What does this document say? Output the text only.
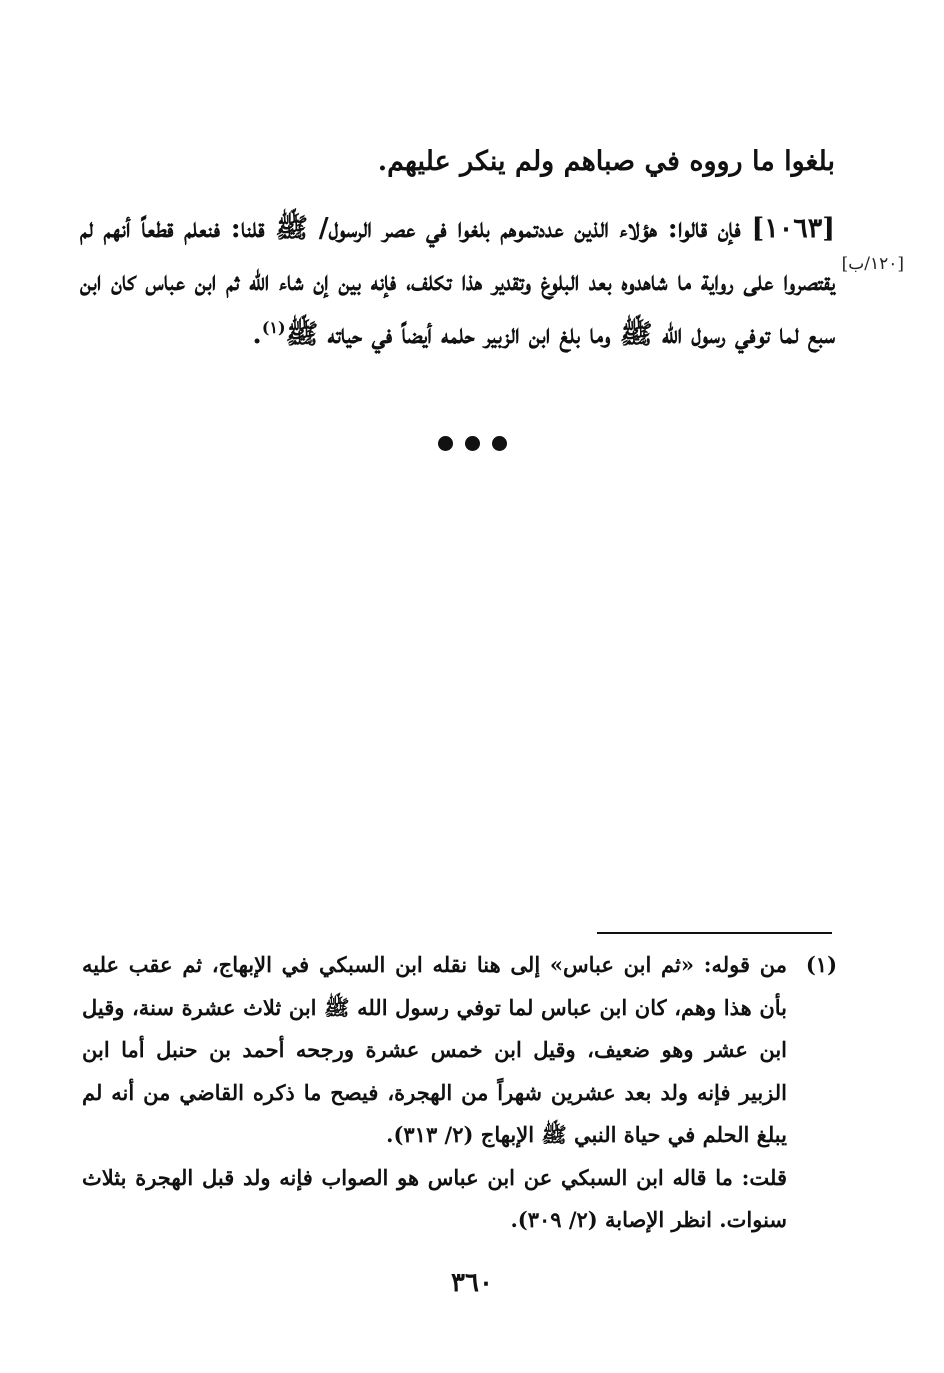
بلغوا ما رووه في صباهم ولم ينكر عليهم.

[١٠٦٣] فإن قالوا: هؤلاء الذين عددتموهم بلغوا في عصر الرسول/ ﷺ قلنا: فنعلم قطعاً أنهم لم يقتصروا على رواية ما شاهدوه بعد البلوغ وتقدير هذا تكلف، فإنه بين إن شاء الله ثم ابن عباس كان ابن سبع لما توفي رسول الله ﷺ وما بلغ ابن الزبير حلمه أيضاً في حياته ﷺ$^{(١)}$.

[١٢٠/ب]
(١)
من قوله: «ثم ابن عباس» إلى هنا نقله ابن السبكي في الإبهاج، ثم عقب عليه بأن هذا وهم، كان ابن عباس لما توفي رسول الله ﷺ ابن ثلاث عشرة سنة، وقيل ابن عشر وهو ضعيف، وقيل ابن خمس عشرة ورجحه أحمد بن حنبل أما ابن الزبير فإنه ولد بعد عشرين شهراً من الهجرة، فيصح ما ذكره القاضي من أنه لم يبلغ الحلم في حياة النبي ﷺ الإبهاج (٢/ ٣١٣).

قلت: ما قاله ابن السبكي عن ابن عباس هو الصواب فإنه ولد قبل الهجرة بثلاث سنوات. انظر الإصابة (٢/ ٣٠٩).

٣٦٠
